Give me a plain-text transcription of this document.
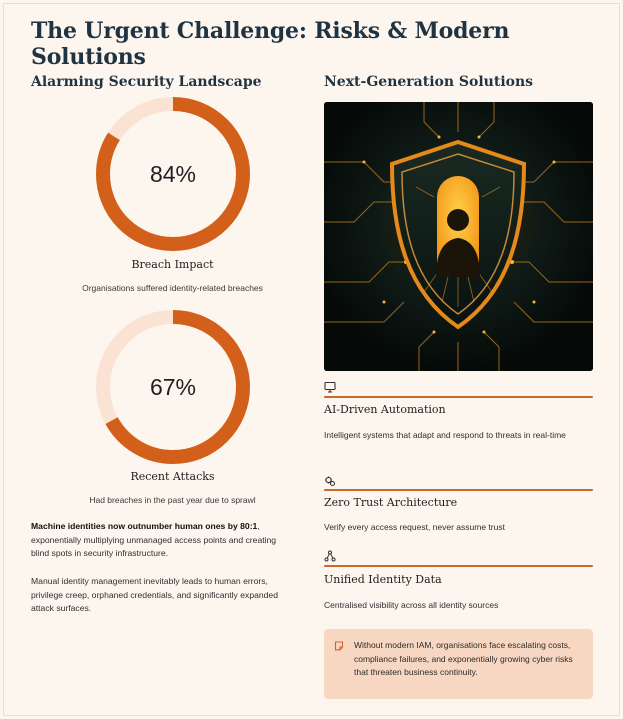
The Urgent Challenge: Risks & Modern Solutions
Alarming Security Landscape	Next-Generation Solutions
84%
Breach Impact
Organisations suffered identity-related breaches
67%
Recent Attacks
Had breaches in the past year due to sprawl

Machine identities now outnumber human ones by 80:1, exponentially multiplying unmanaged access points and creating blind spots in security infrastructure.

Manual identity management inevitably leads to human errors, privilege creep, orphaned credentials, and significantly expanded attack surfaces.

AI-Driven Automation
Intelligent systems that adapt and respond to threats in real-time
Zero Trust Architecture
Verify every access request, never assume trust
Unified Identity Data
Centralised visibility across all identity sources
Without modern IAM, organisations face escalating costs, compliance failures, and exponentially growing cyber risks that threaten business continuity.
